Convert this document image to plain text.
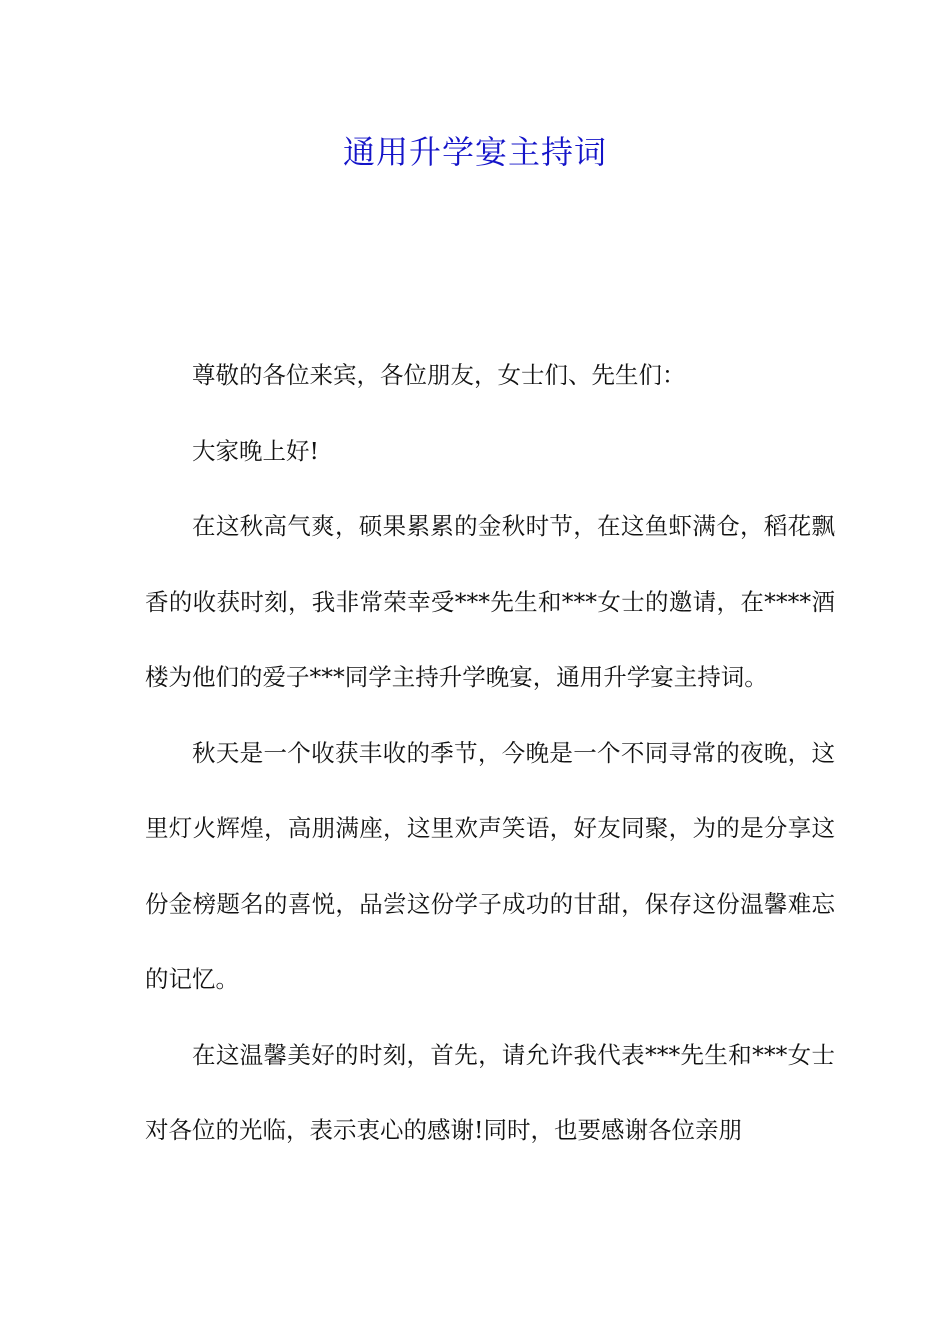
通用升学宴主持词

尊敬的各位来宾，各位朋友，女士们、先生们：

大家晚上好!

在这秋高气爽，硕果累累的金秋时节，在这鱼虾满仓，稻花飘香的收获时刻，我非常荣幸受***先生和***女士的邀请，在****酒楼为他们的爱子***同学主持升学晚宴，通用升学宴主持词。

秋天是一个收获丰收的季节，今晚是一个不同寻常的夜晚，这里灯火辉煌，高朋满座，这里欢声笑语，好友同聚，为的是分享这份金榜题名的喜悦，品尝这份学子成功的甘甜，保存这份温馨难忘的记忆。

在这温馨美好的时刻，首先，请允许我代表***先生和***女士对各位的光临，表示衷心的感谢!同时，也要感谢各位亲朋
